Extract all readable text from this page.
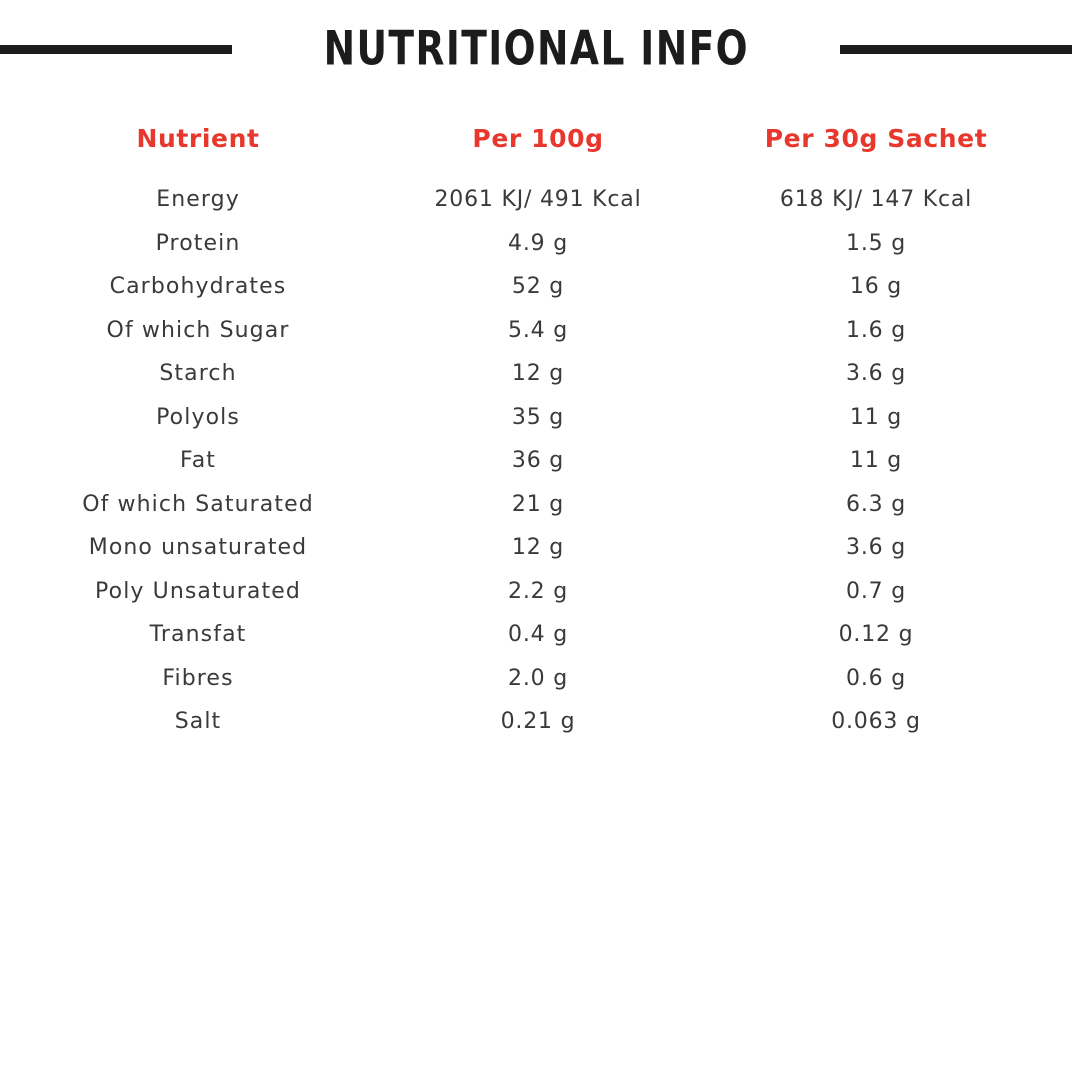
NUTRITIONAL INFO
Nutrient	Per 100g	Per 30g Sachet
Energy	2061 KJ/ 491 Kcal	618 KJ/ 147 Kcal
Protein	4.9 g	1.5 g
Carbohydrates	52 g	16 g
Of which Sugar	5.4 g	1.6 g
Starch	12 g	3.6 g
Polyols	35 g	11 g
Fat	36 g	11 g
Of which Saturated	21 g	6.3 g
Mono unsaturated	12 g	3.6 g
Poly Unsaturated	2.2 g	0.7 g
Transfat	0.4 g	0.12 g
Fibres	2.0 g	0.6 g
Salt	0.21 g	0.063 g
